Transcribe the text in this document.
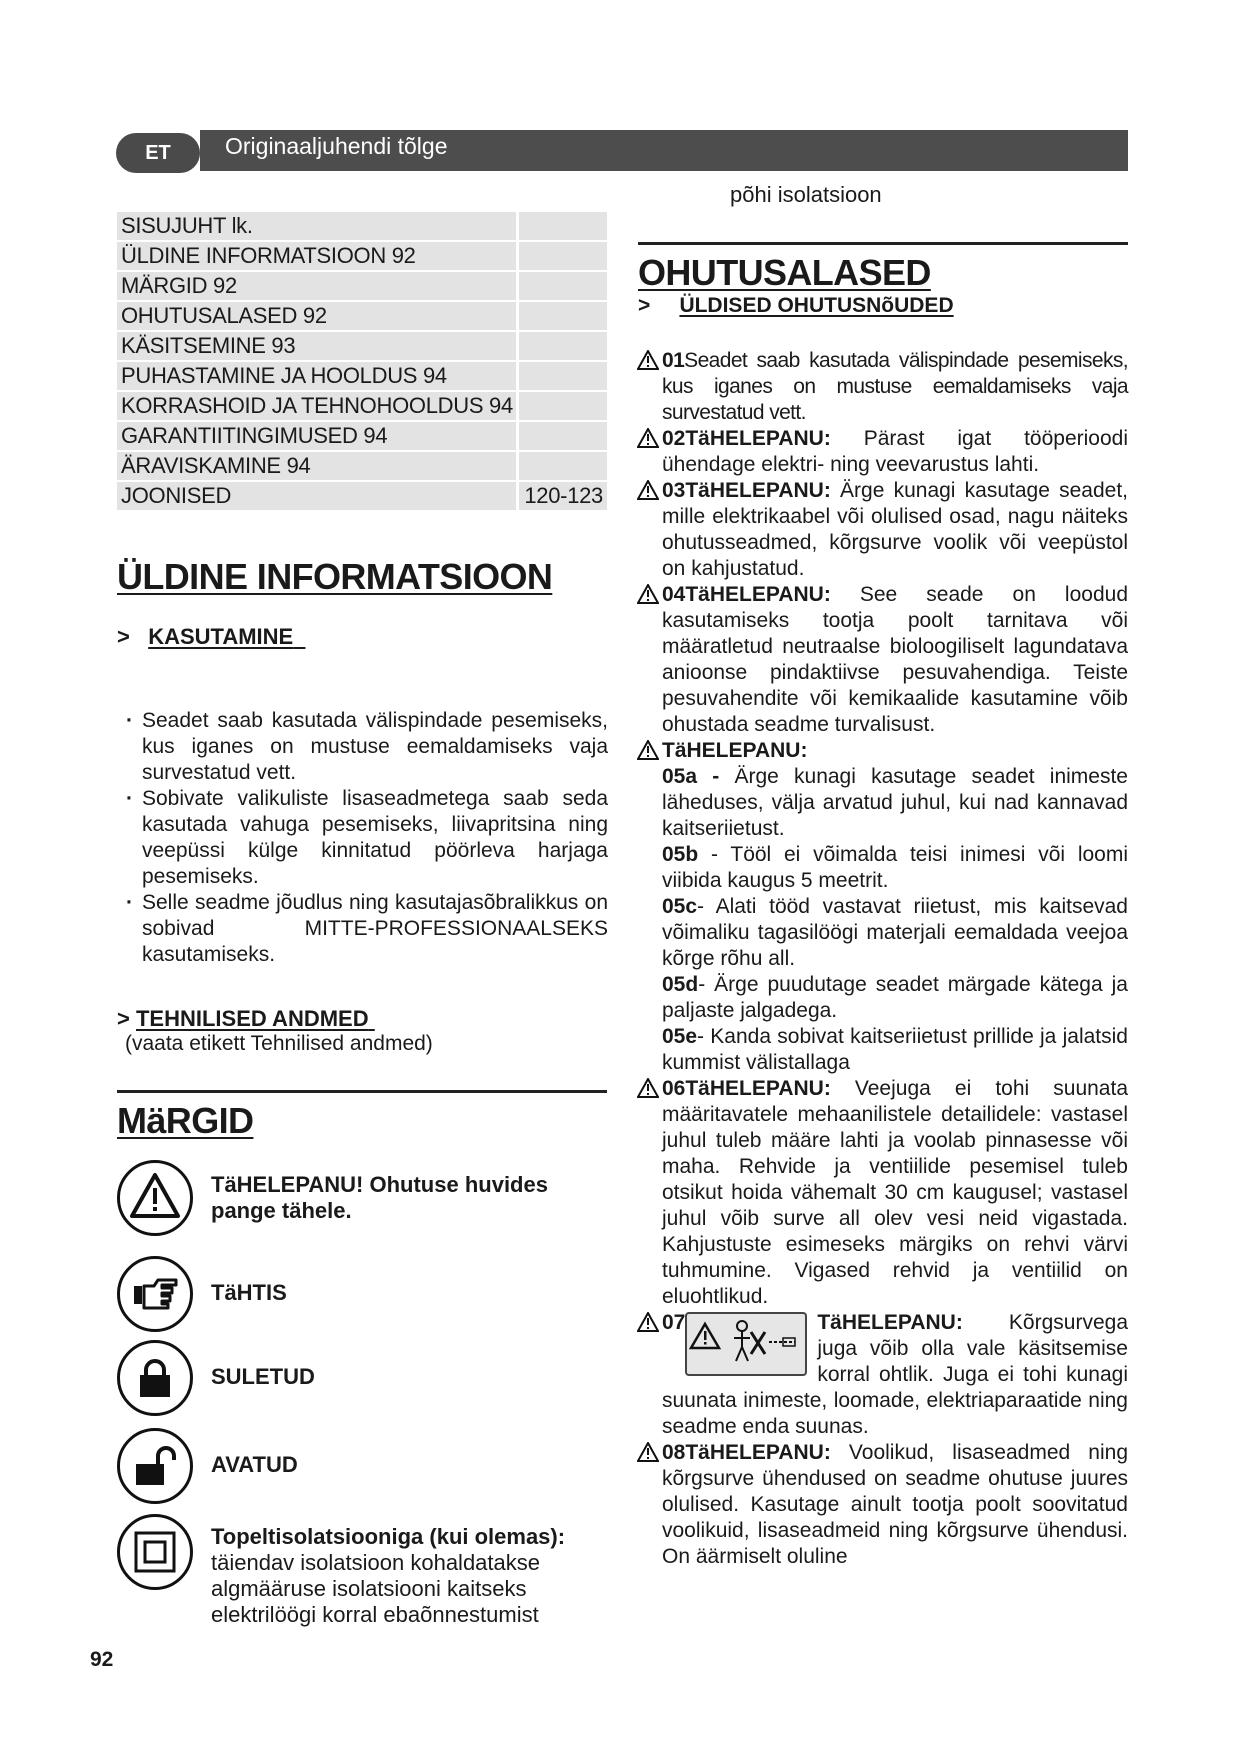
ET	Originaaljuhendi tõlge
SISUJUHT lk.
ÜLDINE INFORMATSIOON 92
MÄRGID 92
OHUTUSALASED 92
KÄSITSEMINE 93
PUHASTAMINE JA HOOLDUS 94
KORRASHOID JA TEHNOHOOLDUS 94
GARANTIITINGIMUSED 94
ÄRAVISKAMINE 94
JOONISED	120-123
ÜLDINE INFORMATSIOON
>   KASUTAMINE
· Seadet saab kasutada välispindade pesemiseks, kus iganes on mustuse eemaldamiseks vaja survestatud vett.
· Sobivate valikuliste lisaseadmetega saab seda kasutada vahuga pesemiseks, liivapritsina ning veepüssi külge kinnitatud pöörleva harjaga pesemiseks.
· Selle seadme jõudlus ning kasutajasõbralikkus on sobivad MITTE-PROFESSIONAALSEKS kasutamiseks.
> TEHNILISED ANDMED
(vaata etikett Tehnilised andmed)
MäRGID
TäHELEPANU! Ohutuse huvides pange tähele.
TäHTIS
SULETUD
AVATUD
Topeltisolatsiooniga (kui olemas):
täiendav isolatsioon kohaldatakse algmääruse isolatsiooni kaitseks elektrilöögi korral ebaõnnestumist
92
põhi isolatsioon
OHUTUSALASED
>     ÜLDISED OHUTUSNõUDED

01Seadet saab kasutada välispindade pesemiseks, kus iganes on mustuse eemaldamiseks vaja survestatud vett.

02TäHELEPANU: Pärast igat tööperioodi ühendage elektri- ning veevarustus lahti.

03TäHELEPANU: Ärge kunagi kasutage seadet, mille elektrikaabel või olulised osad, nagu näiteks ohutusseadmed, kõrgsurve voolik või veepüstol on kahjustatud.

04TäHELEPANU: See seade on loodud kasutamiseks tootja poolt tarnitava või määratletud neutraalse bioloogiliselt lagundatava anioonse pindaktiivse pesuvahendiga. Teiste pesuvahendite või kemikaalide kasutamine võib ohustada seadme turvalisust.

TäHELEPANU:

05a - Ärge kunagi kasutage seadet inimeste läheduses, välja arvatud juhul, kui nad kannavad kaitseriietust.

05b - Tööl ei võimalda teisi inimesi või loomi viibida kaugus 5 meetrit.

05c- Alati tööd vastavat riietust, mis kaitsevad võimaliku tagasilöögi materjali eemaldada veejoa kõrge rõhu all.

05d- Ärge puudutage seadet märgade kätega ja paljaste jalgadega.

05e- Kanda sobivat kaitseriietust prillide ja jalatsid kummist välistallaga

06TäHELEPANU: Veejuga ei tohi suunata määritavatele mehaanilistele detailidele: vastasel juhul tuleb määre lahti ja voolab pinnasesse või maha. Rehvide ja ventiilide pesemisel tuleb otsikut hoida vähemalt 30 cm kaugusel; vastasel juhul võib surve all olev vesi neid vigastada. Kahjustuste esimeseks märgiks on rehvi värvi tuhmumine. Vigased rehvid ja ventiilid on eluohtlikud.

07	TäHELEPANU: Kõrgsurvega juga võib olla vale käsitsemise korral ohtlik. Juga ei tohi kunagi suunata inimeste, loomade, elektriaparaatide ning seadme enda suunas.

08TäHELEPANU: Voolikud, lisaseadmed ning kõrgsurve ühendused on seadme ohutuse juures olulised. Kasutage ainult tootja poolt soovitatud voolikuid, lisaseadmeid ning kõrgsurve ühendusi. On äärmiselt oluline
